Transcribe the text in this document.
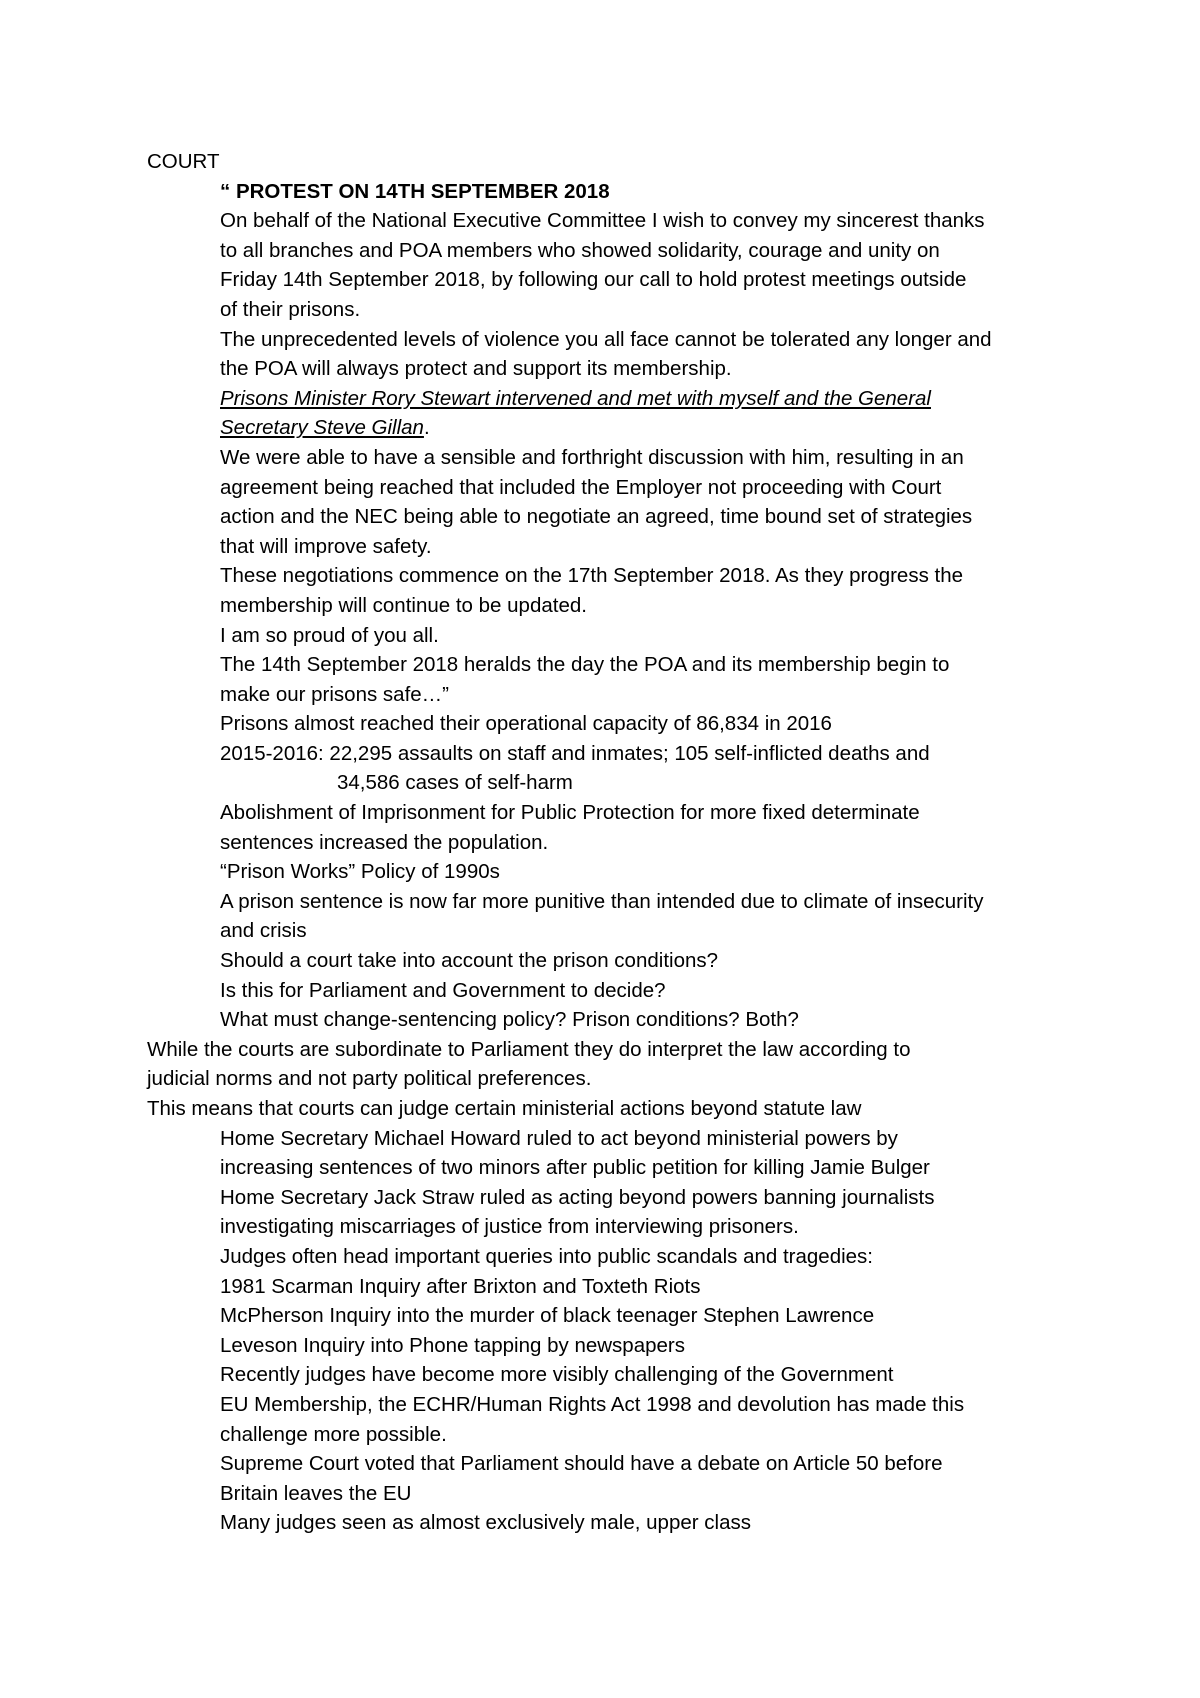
COURT
“ PROTEST ON 14TH SEPTEMBER 2018
On behalf of the National Executive Committee I wish to convey my sincerest thanks
to all branches and POA members who showed solidarity, courage and unity on
Friday 14th September 2018, by following our call to hold protest meetings outside
of their prisons.
The unprecedented levels of violence you all face cannot be tolerated any longer and
the POA will always protect and support its membership.
Prisons Minister Rory Stewart intervened and met with myself and the General
Secretary Steve Gillan.
We were able to have a sensible and forthright discussion with him, resulting in an
agreement being reached that included the Employer not proceeding with Court
action and the NEC being able to negotiate an agreed, time bound set of strategies
that will improve safety.
These negotiations commence on the 17th September 2018. As they progress the
membership will continue to be updated.
I am so proud of you all.
The 14th September 2018 heralds the day the POA and its membership begin to
make our prisons safe…”
Prisons almost reached their operational capacity of 86,834 in 2016
2015-2016: 22,295 assaults on staff and inmates; 105 self-inflicted deaths and
34,586 cases of self-harm
Abolishment of Imprisonment for Public Protection for more fixed determinate
sentences increased the population.
“Prison Works” Policy of 1990s
A prison sentence is now far more punitive than intended due to climate of insecurity
and crisis
Should a court take into account the prison conditions?
Is this for Parliament and Government to decide?
What must change-sentencing policy? Prison conditions? Both?
While the courts are subordinate to Parliament they do interpret the law according to
judicial norms and not party political preferences.
This means that courts can judge certain ministerial actions beyond statute law
Home Secretary Michael Howard ruled to act beyond ministerial powers by
increasing sentences of two minors after public petition for killing Jamie Bulger
Home Secretary Jack Straw ruled as acting beyond powers banning journalists
investigating miscarriages of justice from interviewing prisoners.
Judges often head important queries into public scandals and tragedies:
1981 Scarman Inquiry after Brixton and Toxteth Riots
McPherson Inquiry into the murder of black teenager Stephen Lawrence
Leveson Inquiry into Phone tapping by newspapers
Recently judges have become more visibly challenging of the Government
EU Membership, the ECHR/Human Rights Act 1998 and devolution has made this
challenge more possible.
Supreme Court voted that Parliament should have a debate on Article 50 before
Britain leaves the EU
Many judges seen as almost exclusively male, upper class
